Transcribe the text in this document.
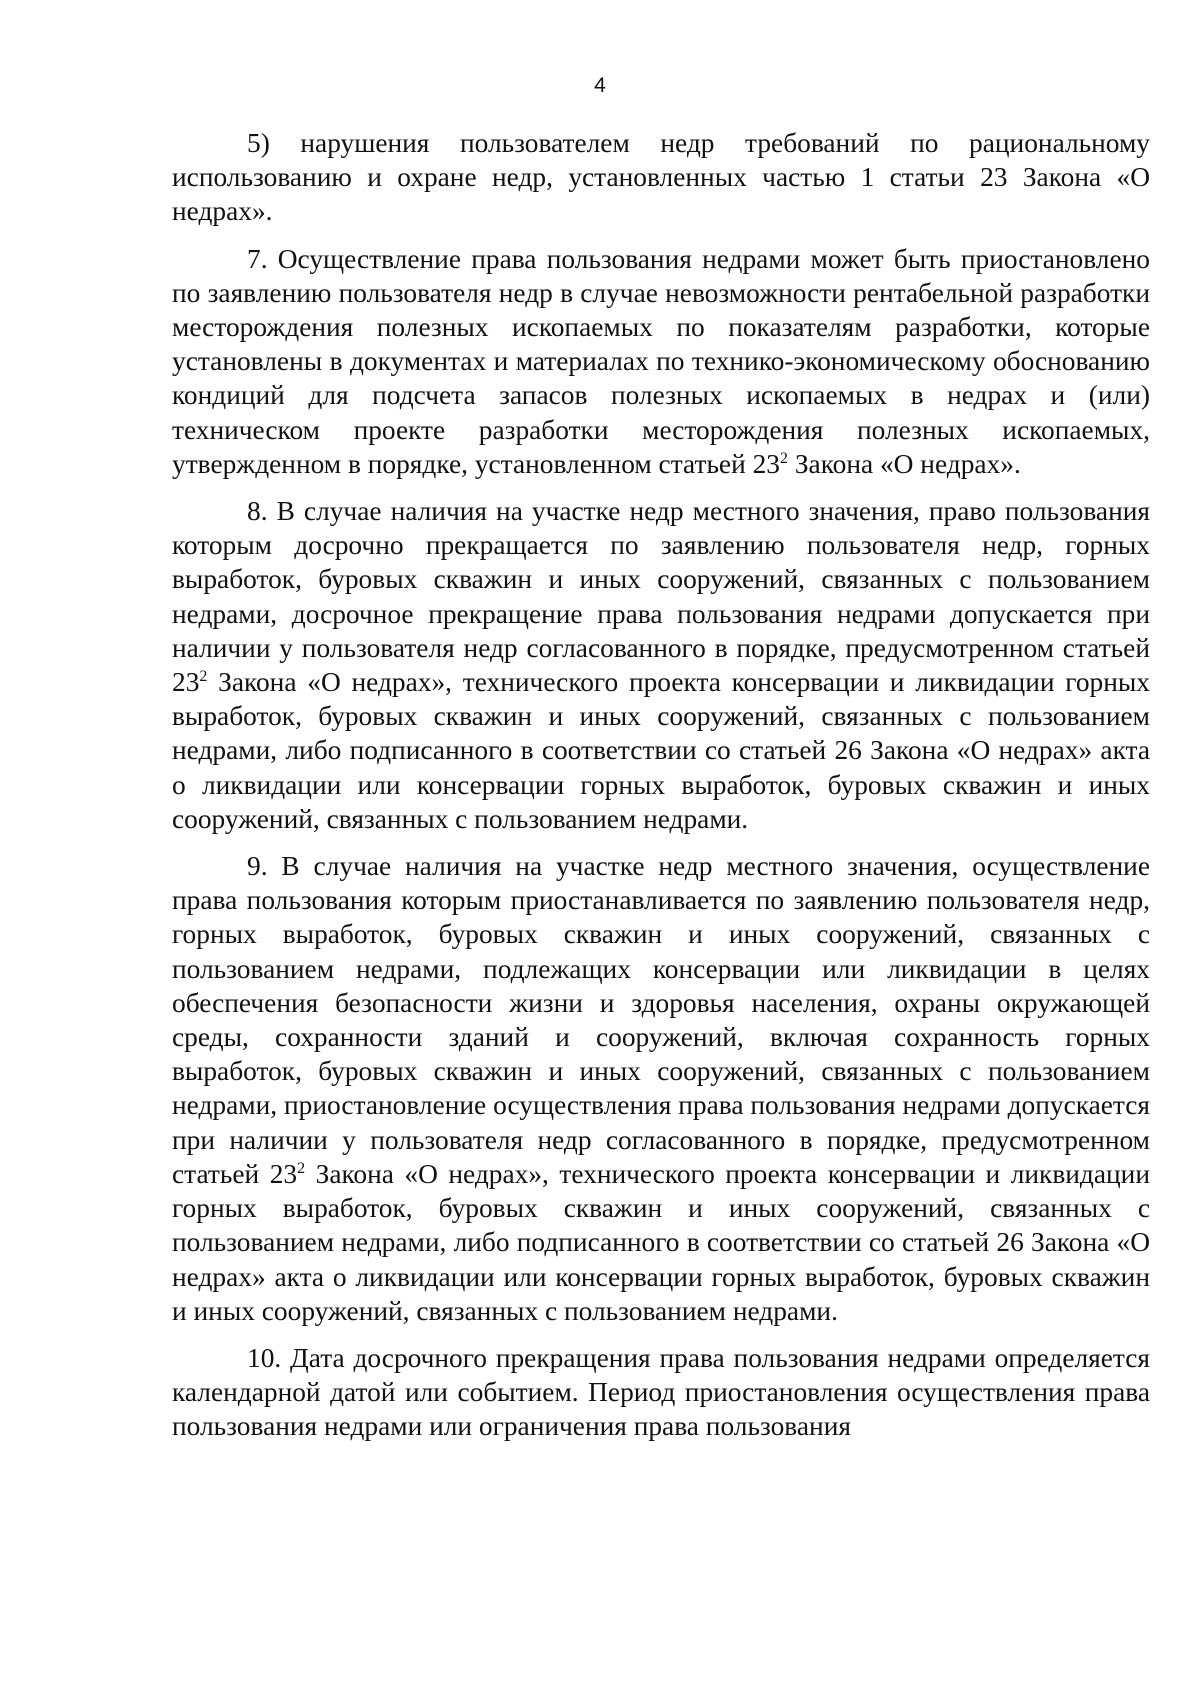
4

5) нарушения пользователем недр требований по рациональному использованию и охране недр, установленных частью 1 статьи 23 Закона «О недрах».

7. Осуществление права пользования недрами может быть приостановлено по заявлению пользователя недр в случае невозможности рентабельной разработки месторождения полезных ископаемых по показателям разработки, которые установлены в документах и материалах по технико-экономическому обоснованию кондиций для подсчета запасов полезных ископаемых в недрах и (или) техническом проекте разработки месторождения полезных ископаемых, утвержденном в порядке, установленном статьей $23^2$ Закона «О недрах».

8. В случае наличия на участке недр местного значения, право пользования которым досрочно прекращается по заявлению пользователя недр, горных выработок, буровых скважин и иных сооружений, связанных с пользованием недрами, досрочное прекращение права пользования недрами допускается при наличии у пользователя недр согласованного в порядке, предусмотренном статьей $23^2$ Закона «О недрах», технического проекта консервации и ликвидации горных выработок, буровых скважин и иных сооружений, связанных с пользованием недрами, либо подписанного в соответствии со статьей 26 Закона «О недрах» акта о ликвидации или консервации горных выработок, буровых скважин и иных сооружений, связанных с пользованием недрами.

9. В случае наличия на участке недр местного значения, осуществление права пользования которым приостанавливается по заявлению пользователя недр, горных выработок, буровых скважин и иных сооружений, связанных с пользованием недрами, подлежащих консервации или ликвидации в целях обеспечения безопасности жизни и здоровья населения, охраны окружающей среды, сохранности зданий и сооружений, включая сохранность горных выработок, буровых скважин и иных сооружений, связанных с пользованием недрами, приостановление осуществления права пользования недрами допускается при наличии у пользователя недр согласованного в порядке, предусмотренном статьей $23^2$ Закона «О недрах», технического проекта консервации и ликвидации горных выработок, буровых скважин и иных сооружений, связанных с пользованием недрами, либо подписанного в соответствии со статьей 26 Закона «О недрах» акта о ликвидации или консервации горных выработок, буровых скважин и иных сооружений, связанных с пользованием недрами.

10. Дата досрочного прекращения права пользования недрами определяется календарной датой или событием. Период приостановления осуществления права пользования недрами или ограничения права пользования
